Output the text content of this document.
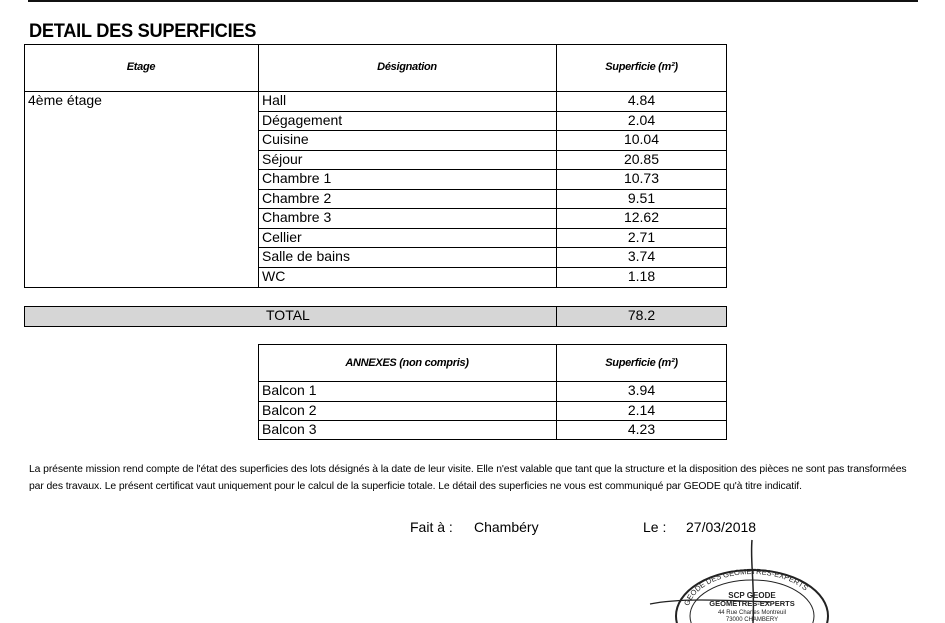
DETAIL DES SUPERFICIES
Etage	Désignation	Superficie (m²)
4ème étage	Hall	4.84
Dégagement	2.04
Cuisine	10.04
Séjour	20.85
Chambre 1	10.73
Chambre 2	9.51
Chambre 3	12.62
Cellier	2.71
Salle de bains	3.74
WC	1.18
TOTAL	78.2
ANNEXES (non compris)	Superficie (m²)
Balcon 1	3.94
Balcon 2	2.14
Balcon 3	4.23
La présente mission rend compte de l'état des superficies des lots désignés à la date de leur visite. Elle n'est valable que tant que la structure et la disposition des pièces ne sont pas transformées par des travaux. Le présent certificat vaut uniquement pour le calcul de la superficie totale. Le détail des superficies ne vous est communiqué par GEODE qu'à titre indicatif.
Fait à : Chambéry	Le : 27/03/2018
GEODE DES GEOMETRES-EXPERTS
SCP GEODE
GEOMETRES-EXPERTS
44 Rue Charles Montreuil
73000 CHAMBERY
